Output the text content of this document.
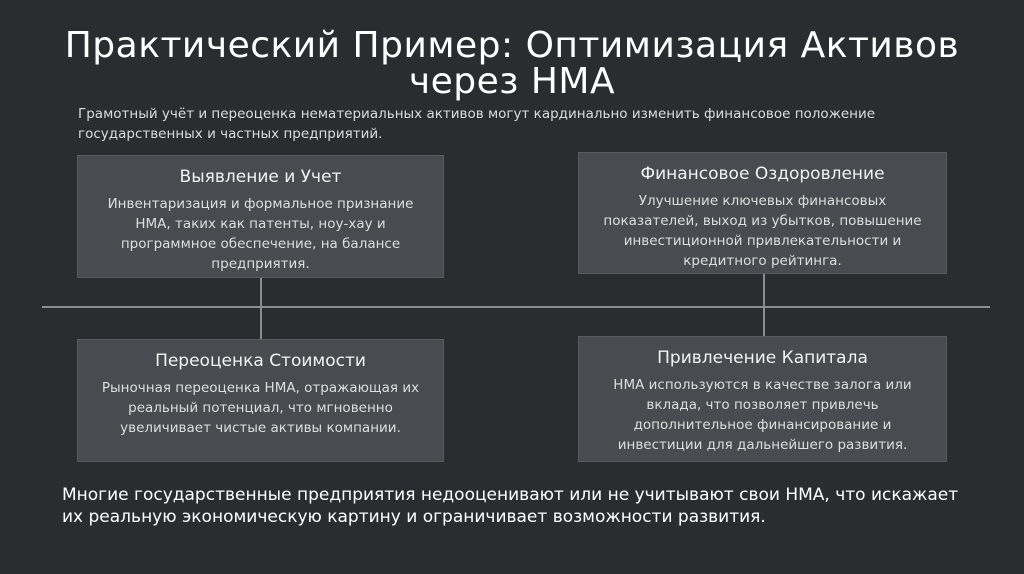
Практический Пример: Оптимизация Активов через НМА
Грамотный учёт и переоценка нематериальных активов могут кардинально изменить финансовое положение государственных и частных предприятий.
Выявление и Учет
Инвентаризация и формальное признание НМА, таких как патенты, ноу-хау и программное обеспечение, на балансе предприятия.
Финансовое Оздоровление
Улучшение ключевых финансовых показателей, выход из убытков, повышение инвестиционной привлекательности и кредитного рейтинга.
Переоценка Стоимости
Рыночная переоценка НМА, отражающая их реальный потенциал, что мгновенно увеличивает чистые активы компании.
Привлечение Капитала
НМА используются в качестве залога или вклада, что позволяет привлечь дополнительное финансирование и инвестиции для дальнейшего развития.
Многие государственные предприятия недооценивают или не учитывают свои НМА, что искажает их реальную экономическую картину и ограничивает возможности развития.
